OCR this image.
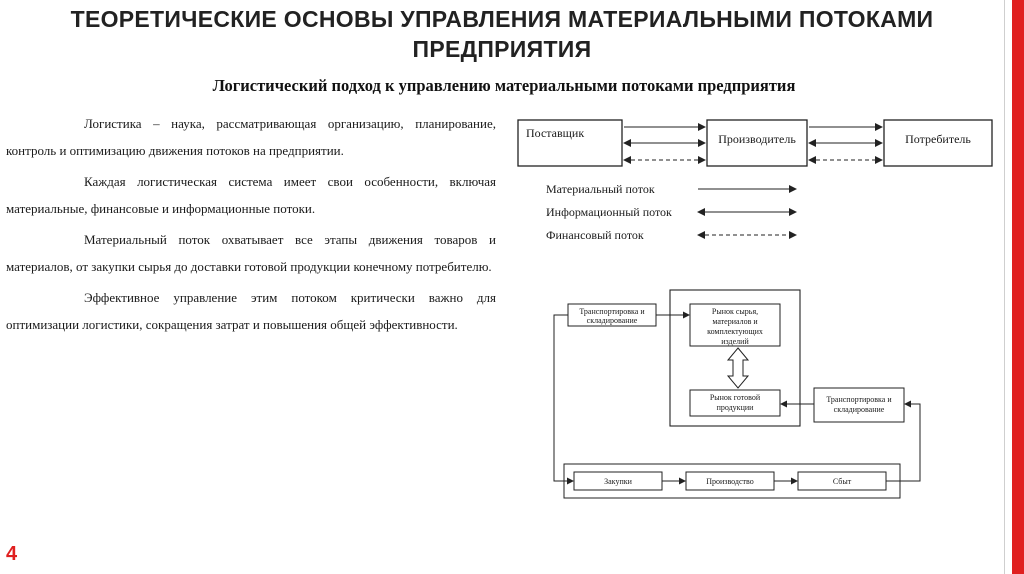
ТЕОРЕТИЧЕСКИЕ ОСНОВЫ УПРАВЛЕНИЯ МАТЕРИАЛЬНЫМИ ПОТОКАМИ
ПРЕДПРИЯТИЯ
Логистический подход к управлению материальными потоками предприятия

Логистика – наука, рассматривающая организацию, планирование, контроль и оптимизацию движения потоков на предприятии.

Каждая логистическая система имеет свои особенности, включая материальные, финансовые и информационные потоки.

Материальный поток охватывает все этапы движения товаров и материалов, от закупки сырья до доставки готовой продукции конечному потребителю.

Эффективное управление этим потоком критически важно для оптимизации логистики, сокращения затрат и повышения общей эффективности.

Поставщик	Производитель	Потребитель
Материальный поток
Информационный поток
Финансовый поток
Рынок сырья,
материалов и
комплектующих
изделий
Рынок готовой
продукции
Транспортировка и
складирование
Транспортировка и
складирование
Закупки	Производство	Сбыт
4
